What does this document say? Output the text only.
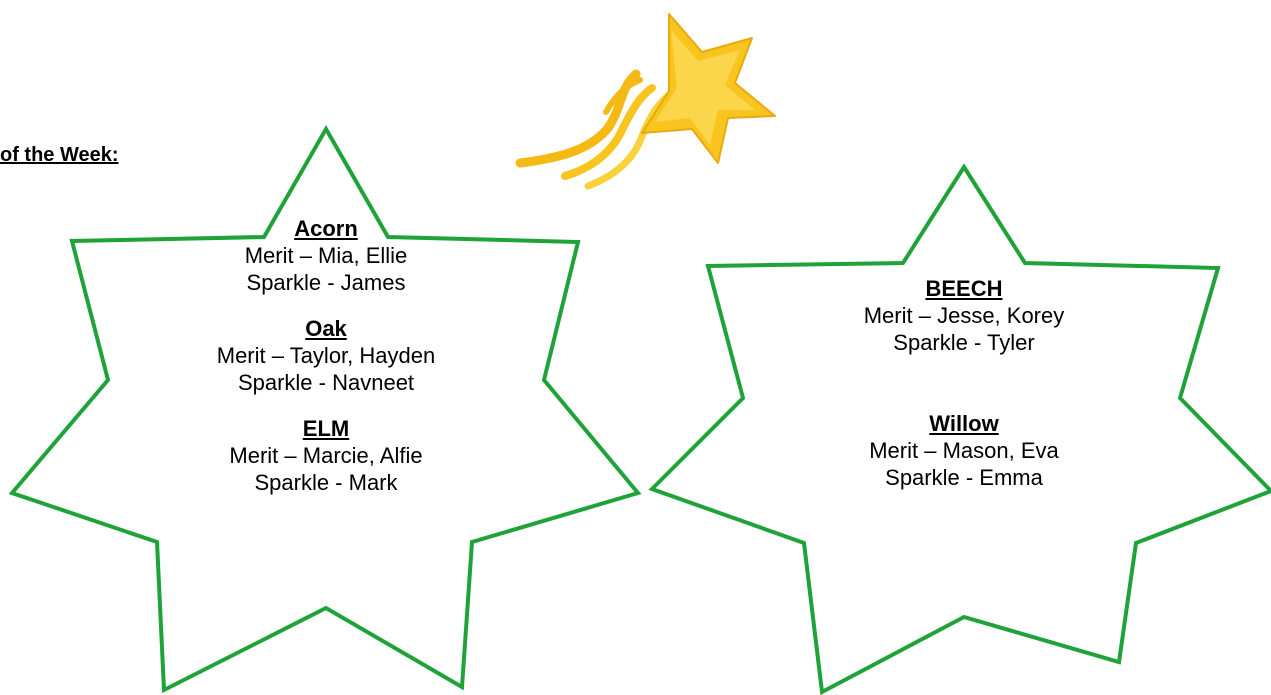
of the Week:
Acorn
Merit – Mia, Ellie
Sparkle - James
Oak
Merit – Taylor, Hayden
Sparkle - Navneet
ELM
Merit – Marcie, Alfie
Sparkle - Mark
BEECH
Merit – Jesse, Korey
Sparkle - Tyler
Willow
Merit – Mason, Eva
Sparkle - Emma
